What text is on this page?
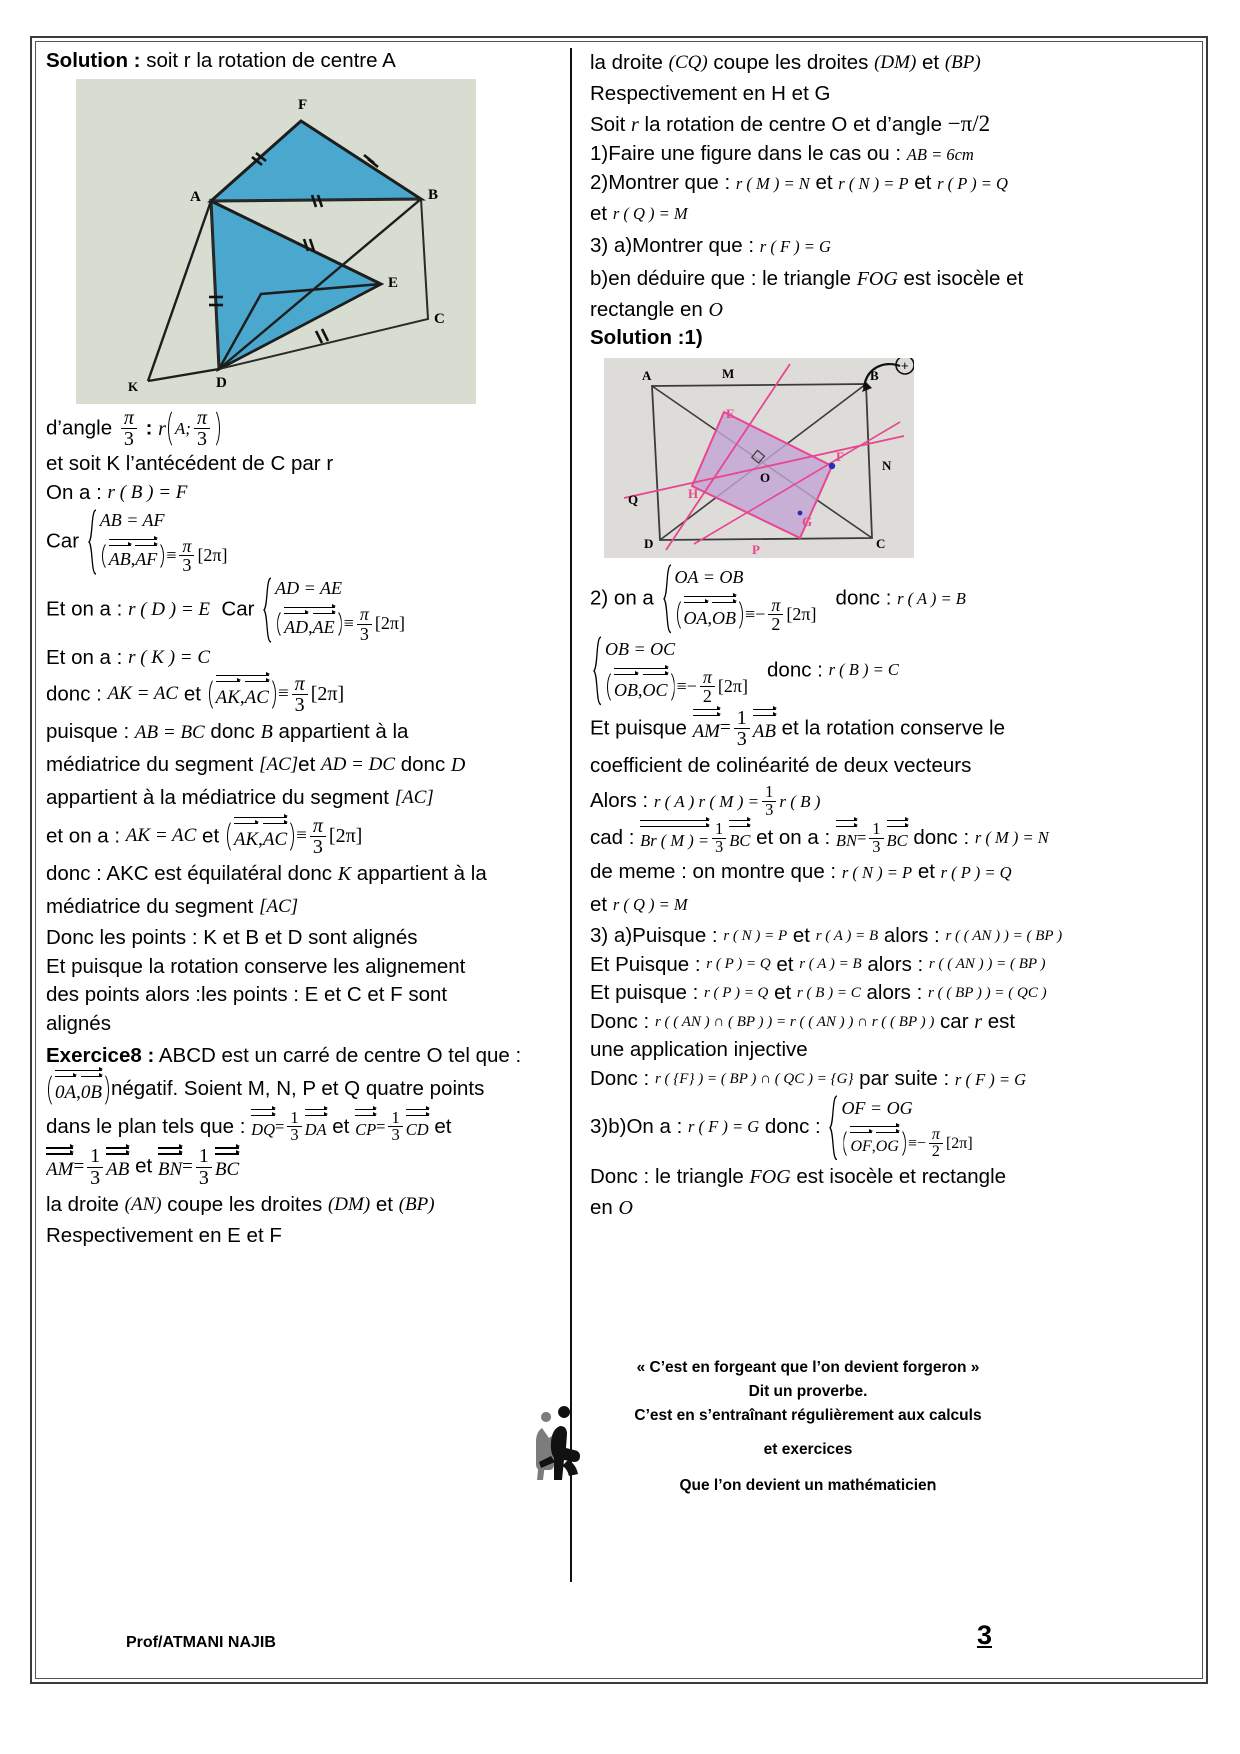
Solution : soit r la rotation de centre A
F
A	B
E
C
D
K
d’angle $\frac{\pi}{3}$ : r A; $\frac{\pi}{3}$
et soit K l’antécédent de C par r
On a : r ( B ) = F
Car
AB = AF
$AB,AF \equiv \frac{\pi}{3} [2\pi]$
Et on a : r ( D ) = E Car
AD = AE
$AD,AE \equiv \frac{\pi}{3} [2\pi]$
Et on a : r ( K ) = C
donc : AK = AC et $AK,AC \equiv \frac{\pi}{3} [2\pi]$
puisque : AB = BC donc B appartient à la
médiatrice du segment [AC]et AD = DC donc D
appartient à la médiatrice du segment [AC]
et on a : AK = AC et $AK,AC \equiv \frac{\pi}{3} [2\pi]$
donc : AKC est équilatéral donc K appartient à la
médiatrice du segment [AC]
Donc les points : K et B et D sont alignés
Et puisque la rotation conserve les alignement
des points alors :les points : E et C et F sont
alignés
Exercice8 : ABCD est un carré de centre O tel que :
0A,0B négatif. Soient M, N, P et Q quatre points
dans le plan tels que : DQ = $\frac{1}{3}$ DA et CP = $\frac{1}{3}$ CD et
AM = $\frac{1}{3}$ AB et BN = $\frac{1}{3}$ BC
la droite (AN) coupe les droites (DM) et (BP)
Respectivement en E et F
la droite (CQ) coupe les droites (DM) et (BP)
Respectivement en H et G
Soit r la rotation de centre O et d’angle −π/2
1)Faire une figure dans le cas ou : AB = 6cm
2)Montrer que : r ( M ) = N et r ( N ) = P et r ( P ) = Q
et r ( Q ) = M
3) a)Montrer que : r ( F ) = G
b)en déduire que : le triangle FOG est isocèle et
rectangle en O
Solution :1)
A	M	B
E
F
N
Q
O
H
D	P
G
C
+
2) on a
OA = OB
$OA,OB \equiv- \frac{\pi}{2} [2\pi]$
donc : r ( A ) = B
OB = OC
$OB,OC \equiv- \frac{\pi}{2} [2\pi]$
donc : r ( B ) = C
Et puisque AM = $\frac{1}{3}$ AB et la rotation conserve le
coefficient de colinéarité de deux vecteurs
Alors : r ( A ) r ( M ) = $\frac{1}{3}$ r ( B )
cad : Br ( M ) = $\frac{1}{3}$ BC et on a : BN = $\frac{1}{3}$ BC donc : r ( M ) = N
de meme : on montre que : r ( N ) = P et r ( P ) = Q
et r ( Q ) = M
3) a)Puisque : r ( N ) = P et r ( A ) = B alors : r ( ( AN ) ) = ( BP )
Et Puisque : r ( P ) = Q et r ( A ) = B alors : r ( ( AN ) ) = ( BP )
Et puisque : r ( P ) = Q et r ( B ) = C alors : r ( ( BP ) ) = ( QC )
Donc : r ( ( AN ) ∩ ( BP ) ) = r ( ( AN ) ) ∩ r ( ( BP ) ) car r est
une application injective
Donc : r ( {F} ) = ( BP ) ∩ ( QC ) = {G} par suite : r ( F ) = G
3)b)On a : r ( F ) = G donc :
OF = OG
$OF,OG \equiv- \frac{\pi}{2} [2\pi]$
Donc : le triangle FOG est isocèle et rectangle
en O
« C’est en forgeant que l’on devient forgeron »
Dit un proverbe.
C’est en s’entraînant régulièrement aux calculs
et exercices
Que l’on devient un mathématicieո
Prof/ATMANI NAJIB	3
